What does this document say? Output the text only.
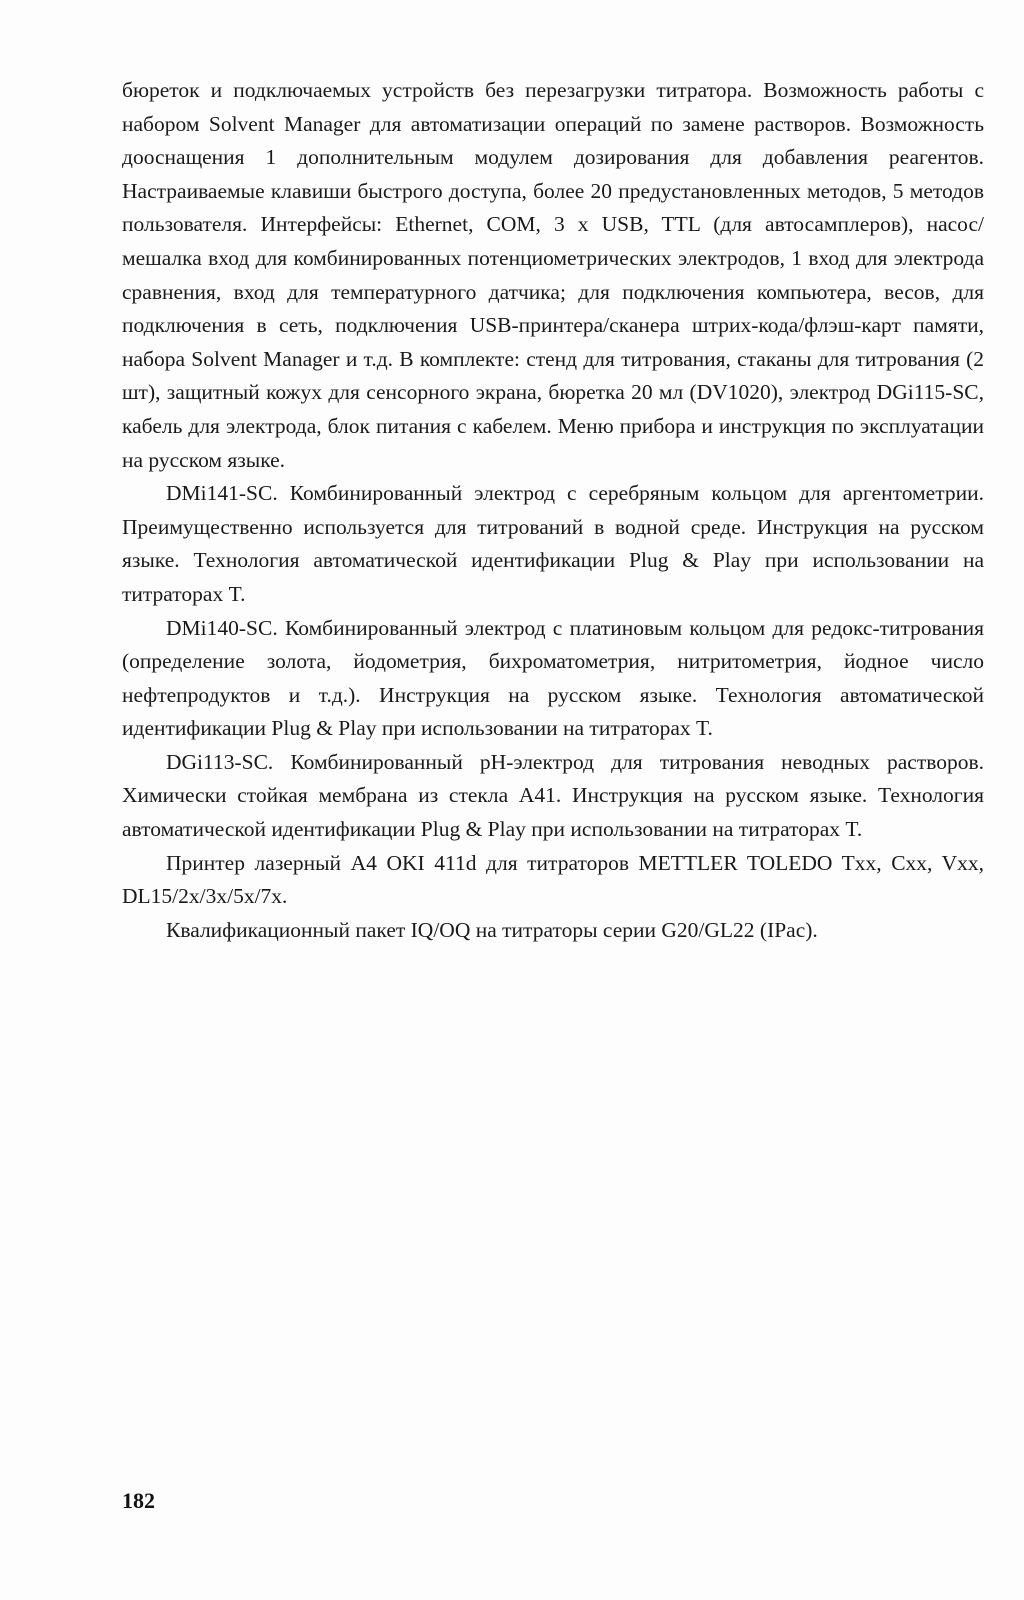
бюреток и подключаемых устройств без перезагрузки титратора. Возможность работы с набором Solvent Manager для автоматизации операций по замене растворов. Возможность дооснащения 1 дополнительным модулем дозирования для добавления реагентов. Настраиваемые клавиши быстрого доступа, более 20 предустановленных методов, 5 методов пользователя. Интерфейсы: Ethernet, COM, 3 x USB, TTL (для автосамплеров), насос/мешалка вход для комбинированных потенциометрических электродов, 1 вход для электрода сравнения, вход для температурного датчика; для подключения компьютера, весов, для подключения в сеть, подключения USB-принтера/сканера штрих-кода/флэш-карт памяти, набора Solvent Manager и т.д. В комплекте: стенд для титрования, стаканы для титрования (2 шт), защитный кожух для сенсорного экрана, бюретка 20 мл (DV1020), электрод DGi115-SC, кабель для электрода, блок питания с кабелем. Меню прибора и инструкция по эксплуатации на русском языке.

DMi141-SC. Комбинированный электрод с серебряным кольцом для аргентометрии. Преимущественно используется для титрований в водной среде. Инструкция на русском языке. Технология автоматической идентификации Plug & Play при использовании на титраторах T.

DMi140-SC. Комбинированный электрод с платиновым кольцом для редокс-титрования (определение золота, йодометрия, бихроматометрия, нитритометрия, йодное число нефтепродуктов и т.д.). Инструкция на русском языке. Технология автоматической идентификации Plug & Play при использовании на титраторах T.

DGi113-SC. Комбинированный pH-электрод для титрования неводных растворов. Химически стойкая мембрана из стекла A41. Инструкция на русском языке. Технология автоматической идентификации Plug & Play при использовании на титраторах T.

Принтер лазерный A4 OKI 411d для титраторов METTLER TOLEDO Txx, Cxx, Vxx, DL15/2x/3x/5x/7x.

Квалификационный пакет IQ/OQ на титраторы серии G20/GL22 (IPac).

182
